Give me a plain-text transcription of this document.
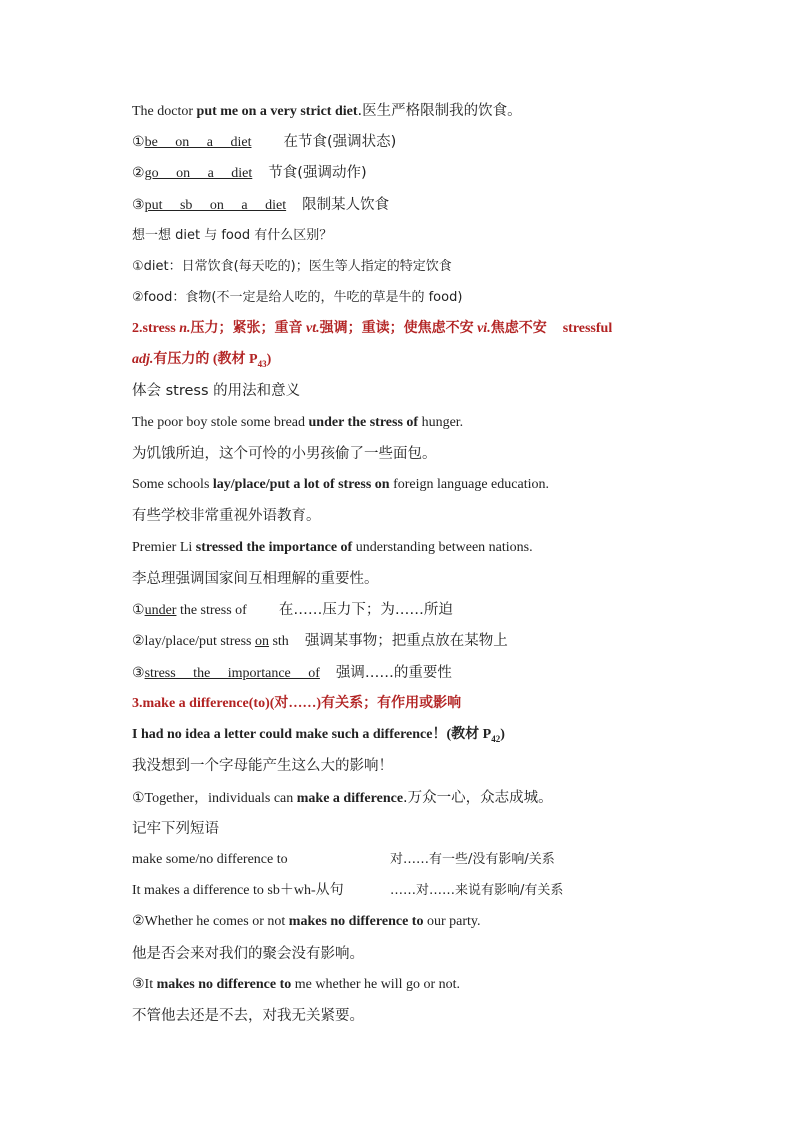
The doctor put me on a very strict diet.医生严格限制我的饮食。
①be on a diet 在节食(强调状态)
②go on a diet 节食(强调动作)
③put sb on a diet 限制某人饮食
想一想 diet 与 food 有什么区别？
①diet：日常饮食(每天吃的)；医生等人指定的特定饮食
②food：食物(不一定是给人吃的，牛吃的草是牛的 food)
2.stress n.压力；紧张；重音 vt.强调；重读；使焦虑不安 vi.焦虑不安 stressful
adj.有压力的 (教材 $P_{43}$)
体会 stress 的用法和意义
The poor boy stole some bread under the stress of hunger.
为饥饿所迫，这个可怜的小男孩偷了一些面包。
Some schools lay/place/put a lot of stress on foreign language education.
有些学校非常重视外语教育。
Premier Li stressed the importance of understanding between nations.
李总理强调国家间互相理解的重要性。
①under the stress of 在……压力下；为……所迫
②lay/place/put stress on sth 强调某事物；把重点放在某物上
③stress the importance of 强调……的重要性
3.make a difference(to)(对……)有关系；有作用或影响
I had no idea a letter could make such a difference！(教材 $P_{42}$)
我没想到一个字母能产生这么大的影响！
①Together，individuals can make a difference.万众一心，众志成城。
记牢下列短语
make some/no difference to	对……有一些/没有影响/关系
It makes a difference to sb＋wh-从句	……对……来说有影响/有关系
②Whether he comes or not makes no difference to our party.
他是否会来对我们的聚会没有影响。
③It makes no difference to me whether he will go or not.
不管他去还是不去，对我无关紧要。
